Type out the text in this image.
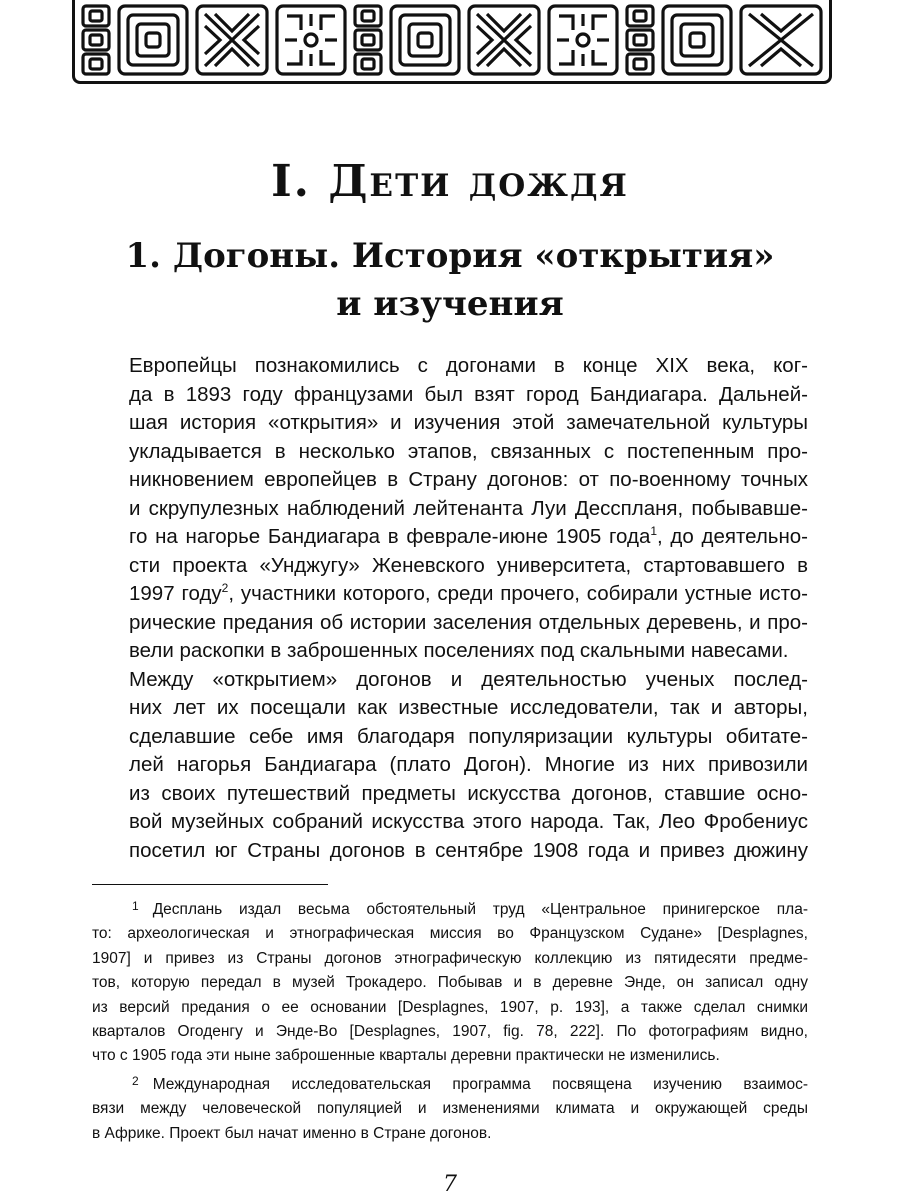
I. Дети дождя
1. Догоны. История «открытия»
и изучения

Европейцы познакомились с догонами в конце XIX века, ког-
да в 1893 году французами был взят город Бандиагара. Дальней-
шая история «открытия» и изучения этой замечательной культуры
укладывается в несколько этапов, связанных с постепенным про-
никновением европейцев в Страну догонов: от по-военному точных
и скрупулезных наблюдений лейтенанта Луи Десспланя, побывавше-
го на нагорье Бандиагара в феврале-июне 1905 года$^1$, до деятельно-
сти проекта «Унджугу» Женевского университета, стартовавшего в
1997 году$^2$, участники которого, среди прочего, собирали устные исто-
рические предания об истории заселения отдельных деревень, и про-
вели раскопки в заброшенных поселениях под скальными навесами.

Между «открытием» догонов и деятельностью ученых послед-
них лет их посещали как известные исследователи, так и авторы,
сделавшие себе имя благодаря популяризации культуры обитате-
лей нагорья Бандиагара (плато Догон). Многие из них привозили
из своих путешествий предметы искусства догонов, ставшие осно-
вой музейных собраний искусства этого народа. Так, Лео Фробениус
посетил юг Страны догонов в сентябре 1908 года и привез дюжину

$^1$ Десплань издал весьма обстоятельный труд «Центральное принигерское пла-
то: археологическая и этнографическая миссия во Французском Судане» [Desplagnes,
1907] и привез из Страны догонов этнографическую коллекцию из пятидесяти предме-
тов, которую передал в музей Трокадеро. Побывав и в деревне Энде, он записал одну
из версий предания о ее основании [Desplagnes, 1907, p. 193], а также сделал снимки
кварталов Огоденгу и Энде-Во [Desplagnes, 1907, fig. 78, 222]. По фотографиям видно,
что с 1905 года эти ныне заброшенные кварталы деревни практически не изменились.

$^2$ Международная исследовательская программа посвящена изучению взаимос-
вязи между человеческой популяцией и изменениями климата и окружающей среды
в Африке. Проект был начат именно в Стране догонов.

7
